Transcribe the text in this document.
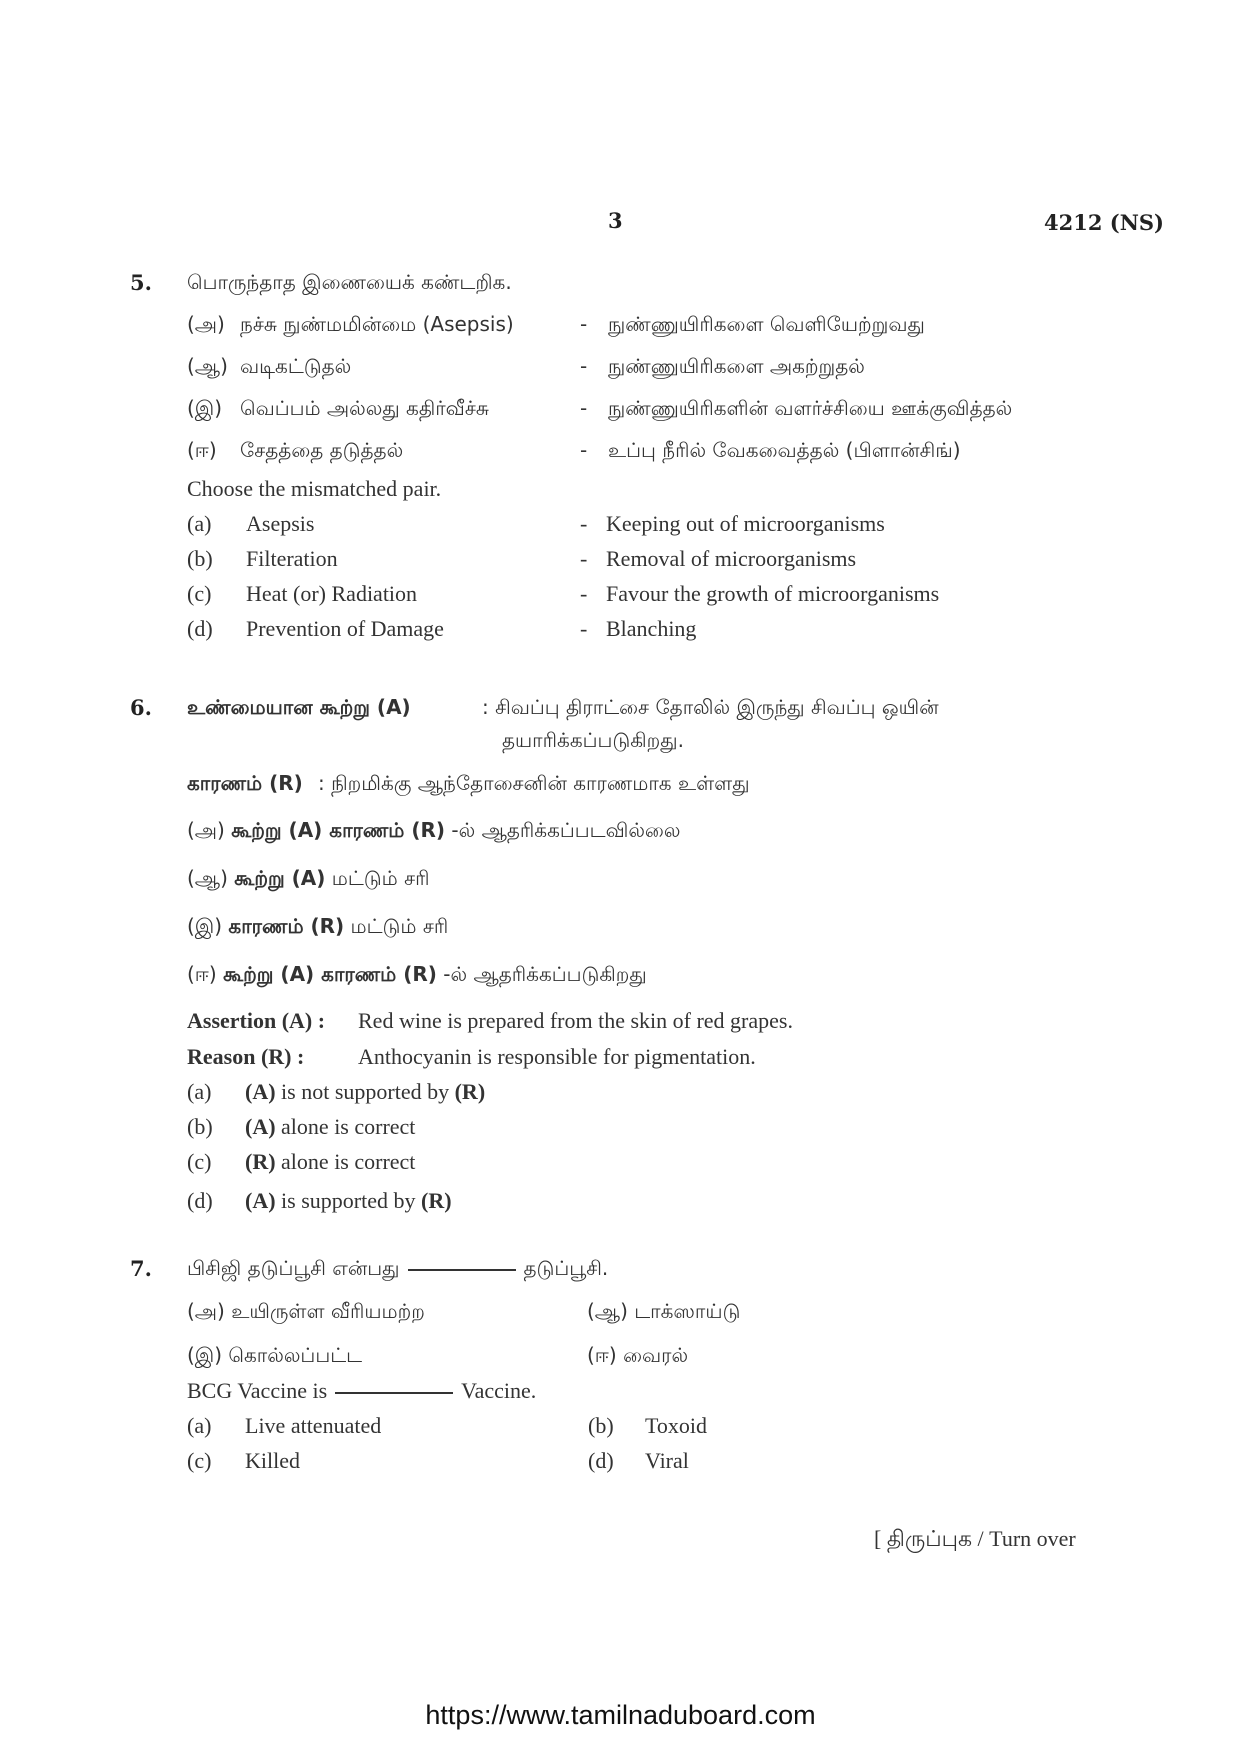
3	4212 (NS)
5. பொருந்தாத இணையைக் கண்டறிக.
(அ) நச்சு நுண்மமின்மை (Asepsis)	- நுண்ணுயிரிகளை வெளியேற்றுவது
(ஆ) வடிகட்டுதல்	- நுண்ணுயிரிகளை அகற்றுதல்
(இ) வெப்பம் அல்லது கதிர்வீச்சு	- நுண்ணுயிரிகளின் வளர்ச்சியை ஊக்குவித்தல்
(ஈ) சேதத்தை தடுத்தல்	- உப்பு நீரில் வேகவைத்தல் (பிளான்சிங்)
Choose the mismatched pair.
(a) Asepsis	- Keeping out of microorganisms
(b) Filteration	- Removal of microorganisms
(c) Heat (or) Radiation	- Favour the growth of microorganisms
(d) Prevention of Damage	- Blanching
6. உண்மையான கூற்று (A)	: சிவப்பு திராட்சை தோலில் இருந்து சிவப்பு ஒயின்
தயாரிக்கப்படுகிறது.
காரணம் (R) : நிறமிக்கு ஆந்தோசைனின் காரணமாக உள்ளது
(அ) கூற்று (A) காரணம் (R) -ல் ஆதரிக்கப்படவில்லை
(ஆ) கூற்று (A) மட்டும் சரி
(இ) காரணம் (R) மட்டும் சரி
(ஈ) கூற்று (A) காரணம் (R) -ல் ஆதரிக்கப்படுகிறது
Assertion (A) : Red wine is prepared from the skin of red grapes.
Reason (R) : Anthocyanin is responsible for pigmentation.
(a) (A) is not supported by (R)
(b) (A) alone is correct
(c) (R) alone is correct
(d) (A) is supported by (R)
7. பிசிஜி தடுப்பூசி என்பது	தடுப்பூசி.
(அ) உயிருள்ள வீரியமற்ற	(ஆ) டாக்ஸாய்டு
(இ) கொல்லப்பட்ட	(ஈ) வைரல்
BCG Vaccine is	Vaccine.
(a) Live attenuated	(b) Toxoid
(c) Killed	(d) Viral
[ திருப்புக / Turn over
https://www.tamilnaduboard.com
